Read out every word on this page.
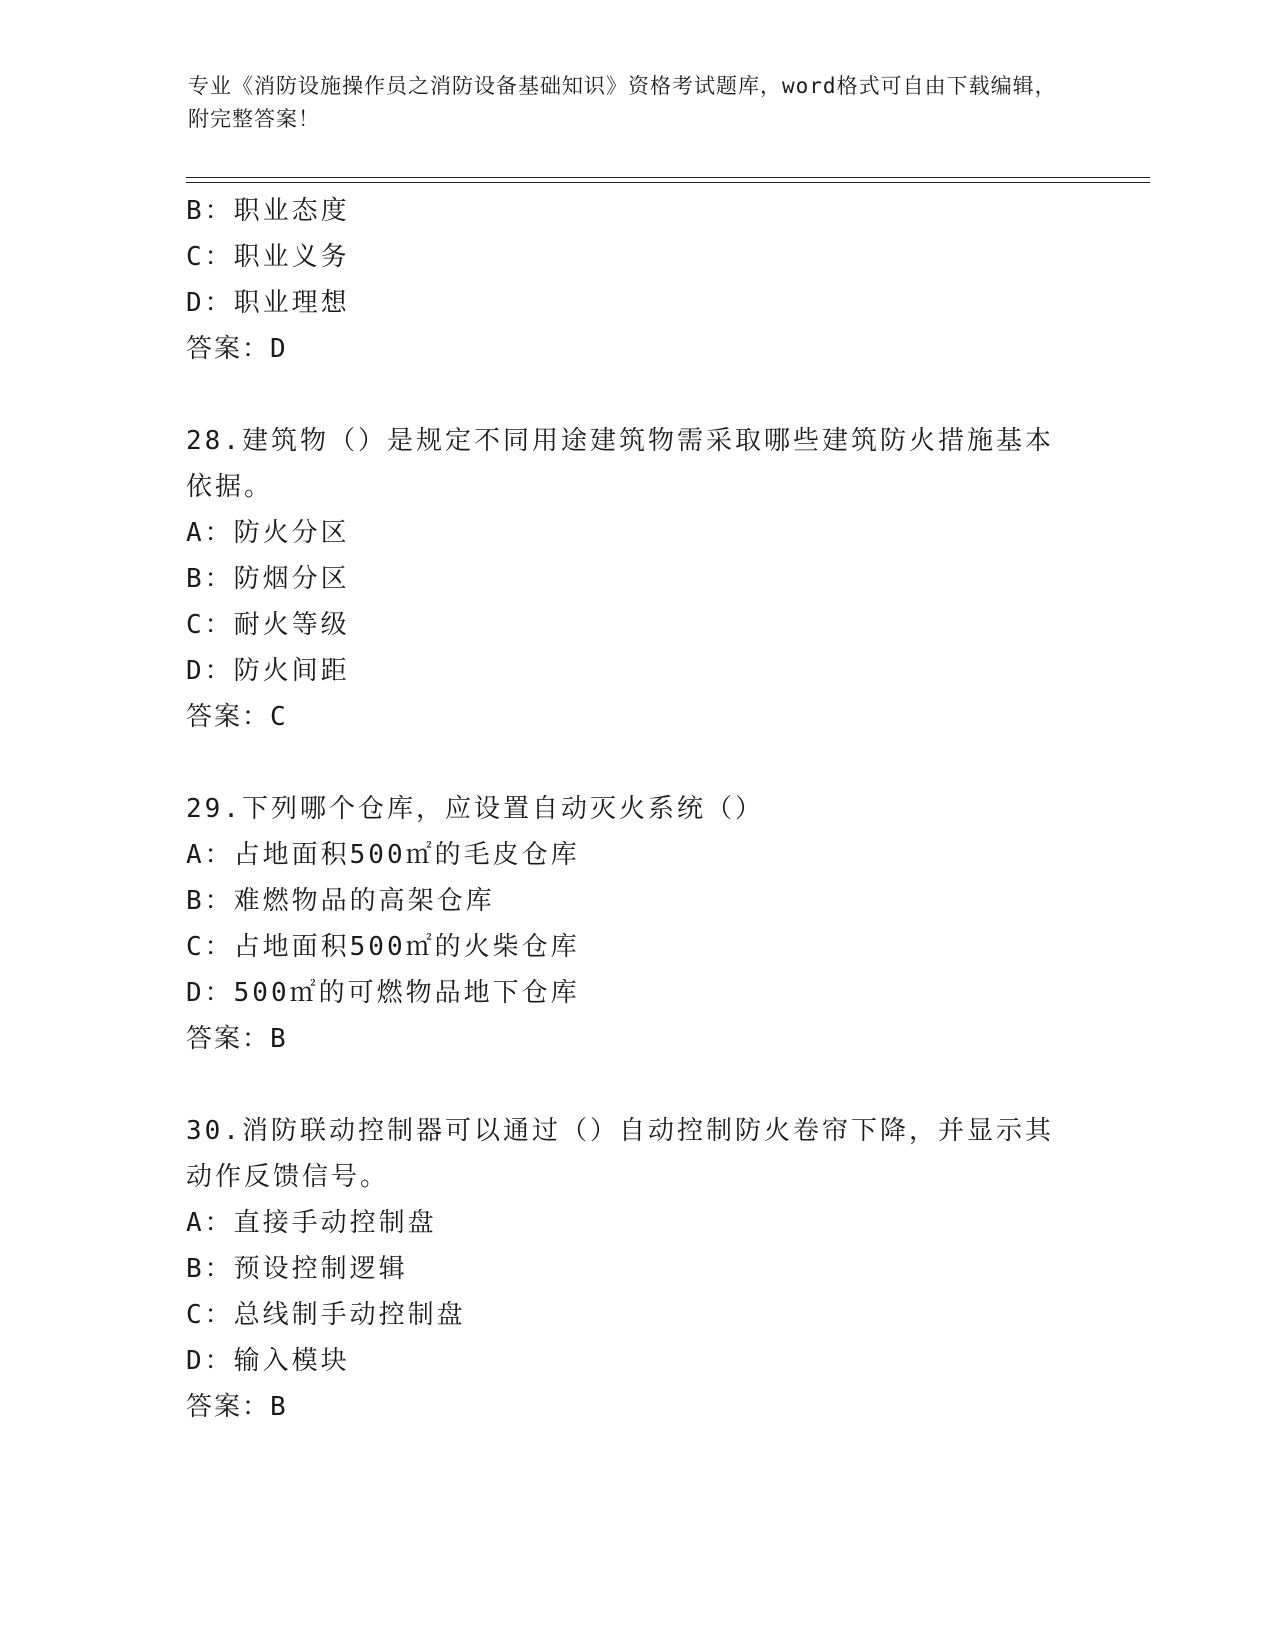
专业《消防设施操作员之消防设备基础知识》资格考试题库，word格式可自由下载编辑，附完整答案！
B：职业态度
C：职业义务
D：职业理想
答案：D
28.建筑物（）是规定不同用途建筑物需采取哪些建筑防火措施基本依据。
A：防火分区
B：防烟分区
C：耐火等级
D：防火间距
答案：C
29.下列哪个仓库，应设置自动灭火系统（）
A：占地面积500㎡的毛皮仓库
B：难燃物品的高架仓库
C：占地面积500㎡的火柴仓库
D：500㎡的可燃物品地下仓库
答案：B
30.消防联动控制器可以通过（）自动控制防火卷帘下降，并显示其动作反馈信号。
A：直接手动控制盘
B：预设控制逻辑
C：总线制手动控制盘
D：输入模块
答案：B
